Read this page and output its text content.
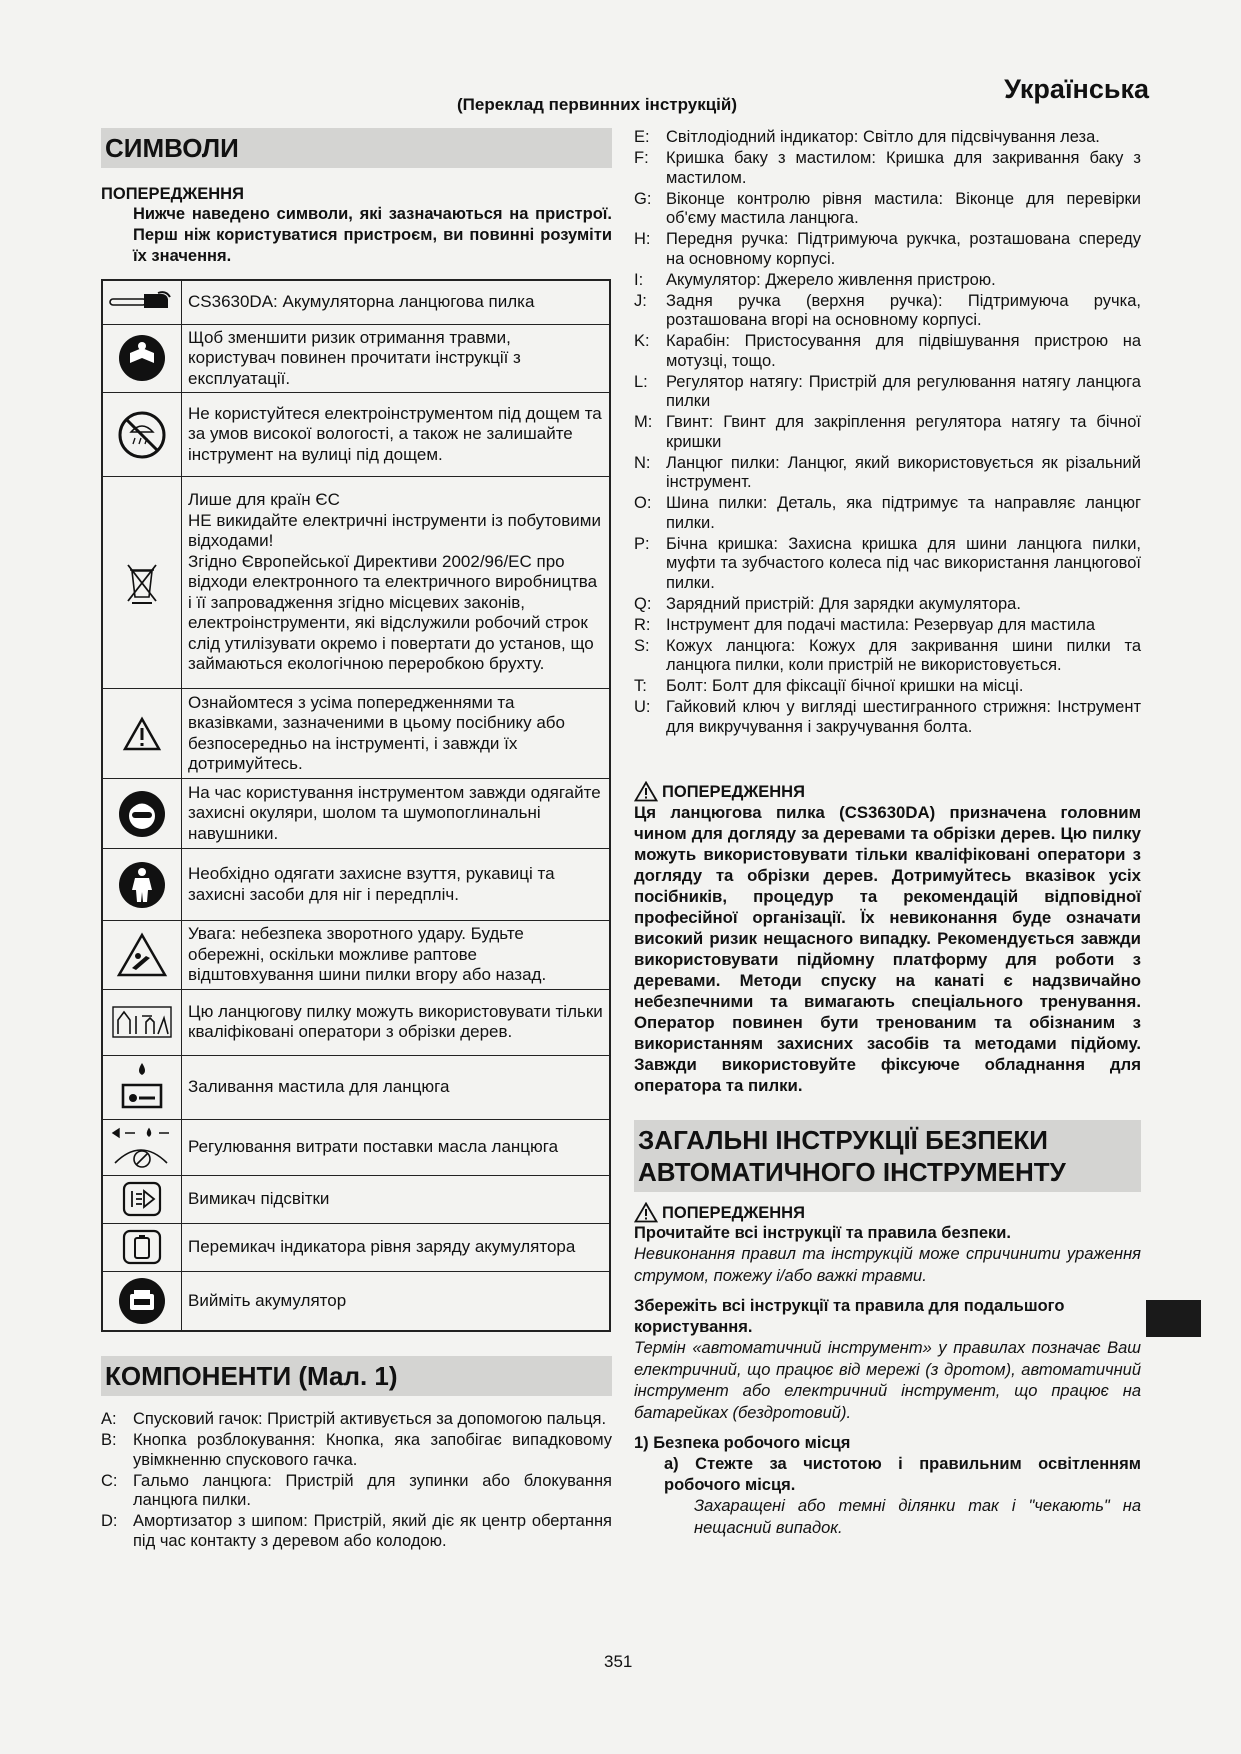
Українська
(Переклад первинних інструкцій)
СИМВОЛИ
ПОПЕРЕДЖЕННЯ
Нижче наведено символи, які зазначаються на пристрої. Перш ніж користуватися пристроєм, ви повинні розуміти їх значення.
	CS3630DA: Акумуляторна ланцюгова пилка

	Щоб зменшити ризик отримання травми, користувач повинен прочитати інструкції з експлуатації.

	Не користуйтеся електроінструментом під дощем та за умов високої вологості, а також не залишайте інструмент на вулиці під дощем.

	Лише для країн ЄС
НЕ викидайте електричні інструменти із побутовими відходами!
Згідно Європейської Директиви 2002/96/ЕС про відходи електронного та електричного виробництва і її запровадження згідно місцевих законів, електроінструменти, які відслужили робочий строк слід утилізувати окремо і повертати до установ, що займаються екологічною переробкою брухту.

	Ознайомтеся з усіма попередженнями та вказівками, зазначеними в цьому посібнику або безпосередньо на інструменті, і завжди їх дотримуйтесь.

	На час користування інструментом завжди одягайте захисні окуляри, шолом та шумопоглинальні навушники.

	Необхідно одягати захисне взуття, рукавиці та захисні засоби для ніг і передпліч.

	Увага: небезпека зворотного удару. Будьте обережні, оскільки можливе раптове відштовхування шини пилки вгору або назад.

	Цю ланцюгову пилку можуть використовувати тільки кваліфіковані оператори з обрізки дерев.

	Заливання мастила для ланцюга

	Регулювання витрати поставки масла ланцюга

	Вимикач підсвітки

	Перемикач індикатора рівня заряду акумулятора

	Вийміть акумулятор
КОМПОНЕНТИ (Мал. 1)
A: Спусковий гачок: Пристрій активується за допомогою пальця.
B: Кнопка розблокування: Кнопка, яка запобігає випадковому увімкненню спускового гачка.
C: Гальмо ланцюга: Пристрій для зупинки або блокування ланцюга пилки.
D: Амортизатор з шипом: Пристрій, який діє як центр обертання під час контакту з деревом або колодою.
E: Світлодіодний індикатор: Світло для підсвічування леза.
F:	Кришка баку з мастилом: Кришка для закривання баку з мастилом.
G: Віконце контролю рівня мастила: Віконце для перевірки об'єму мастила ланцюга.
H: Передня ручка: Підтримуюча рукчка, розташована спереду на основному корпусі.
I:	Акумулятор: Джерело живлення пристрою.
J:	Задня ручка (верхня ручка): Підтримуюча ручка, розташована вгорі на основному корпусі.
K: Карабін: Пристосування для підвішування пристрою на мотузці, тощо.
L:	Регулятор натягу: Пристрій для регулювання натягу ланцюга пилки
M: Гвинт: Гвинт для закріплення регулятора натягу та бічної кришки
N: Ланцюг пилки: Ланцюг, який використовується як різальний інструмент.
O: Шина пилки: Деталь, яка підтримує та направляє ланцюг пилки.
P: Бічна кришка: Захисна кришка для шини ланцюга пилки, муфти та зубчастого колеса під час використання ланцюгової пилки.
Q: Зарядний пристрій: Для зарядки акумулятора.
R: Інструмент для подачі мастила: Резервуар для мастила
S: Кожух ланцюга: Кожух для закривання шини пилки та ланцюга пилки, коли пристрій не використовується.
T:	Болт: Болт для фіксації бічної кришки на місці.
U: Гайковий ключ у вигляді шестигранного стрижня: Інструмент для викручування і закручування болта.
ПОПЕРЕДЖЕННЯ
Ця ланцюгова пилка (CS3630DA) призначена головним чином для догляду за деревами та обрізки дерев. Цю пилку можуть використовувати тільки кваліфіковані оператори з догляду та обрізки дерев. Дотримуйтесь вказівок усіх посібників, процедур та рекомендацій відповідної професійної організації. Їх невиконання буде означати високий ризик нещасного випадку. Рекомендується завжди використовувати підйомну платформу для роботи з деревами. Методи спуску на канаті є надзвичайно небезпечними та вимагають спеціального тренування. Оператор повинен бути тренованим та обізнаним з використанням захисних засобів та методами підйому. Завжди використовуйте фіксуюче обладнання для оператора та пилки.
ЗАГАЛЬНІ ІНСТРУКЦІЇ БЕЗПЕКИ
АВТОМАТИЧНОГО ІНСТРУМЕНТУ
ПОПЕРЕДЖЕННЯ
Прочитайте всі інструкції та правила безпеки.
Невиконання правил та інструкцій може спричинити ураження струмом, пожежу і/або важкі травми.
Збережіть всі інструкції та правила для подальшого користування.
Термін «автоматичний інструмент» у правилах позначає Ваш електричний, що працює від мережі (з дротом), автоматичний інструмент або електричний інструмент, що працює на батарейках (бездротовий).
1) Безпека робочого місця
a) Стежте за чистотою і правильним освітленням робочого місця.
Захаращені або темні ділянки так і "чекають" на нещасний випадок.
351
